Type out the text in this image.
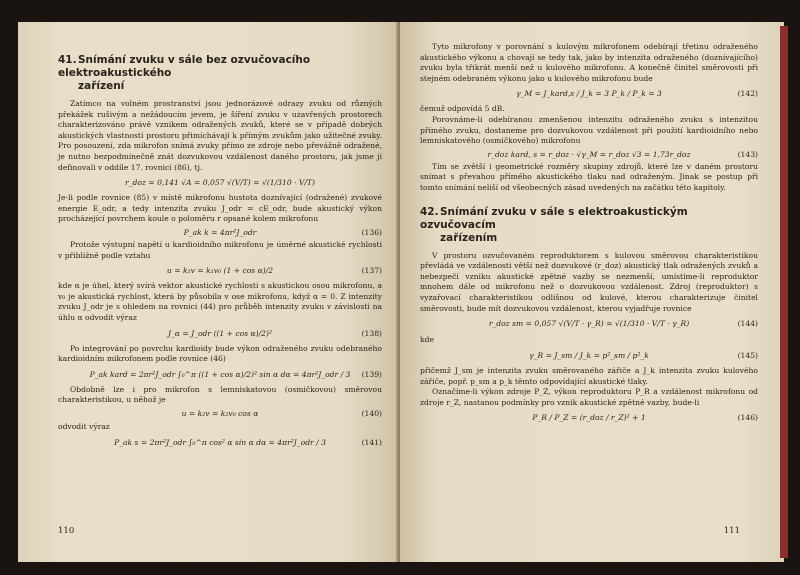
41.Snímání zvuku v sále bez ozvučovacího elektroakustického
zařízení

Zatímco na volném prostranství jsou jednorázové odrazy zvuku od různých překážek rušivým a nežádoucím jevem, je šíření zvuku v uzavřených prostorech charakterizováno právě vznikem odražených zvuků, které se v případě dobrých akustických vlastností prostoru přimíchávají k přímým zvukům jako užitečné zvuky. Pro posouzení, zda mikrofon snímá zvuky přímo ze zdroje nebo převážně odražené, je nutno bezpodmínečně znát dozvukovou vzdálenost daného prostoru, jak jsme ji definovali v oddíle 17. rovnicí (86), tj.

r_doz = 0,141 √A = 0,057 √(V/T) = √(1/310 · V/T)

Je-li podle rovnice (85) v místě mikrofonu hustota doznívající (odražené) zvukové energie E_odr, a tedy intenzita zvuku J_odr = cE_odr, bude akustický výkon procházející povrchem koule o poloměru r opsané kolem mikrofonu

P_ak k = 4πr²J_odr	(136)

Protože výstupní napětí u kardioidního mikrofonu je úměrné akustické rychlosti v přibližně podle vztahu

u = k₁v = k₁v₀ (1 + cos α)/2	(137)

kde α je úhel, který svírá vektor akustické rychlosti s akustickou osou mikrofonu, a v₀ je akustická rychlost, která by působila v ose mikrofonu, když α = 0. Z intenzity zvuku J_odr je s ohledem na rovnici (44) pro průběh intenzity zvuku v závislosti na úhlu α odvodit výraz

J_α = J_odr ((1 + cos α)/2)²	(138)

Po integrování po povrchu kardioidy bude výkon odraženého zvuku odebraného kardioidním mikrofonem podle rovnice (46)

P_ak kard = 2πr²J_odr ∫₀^π ((1 + cos α)/2)² sin α dα = 4πr²J_odr / 3 (139)

Obdobně lze i pro mikrofon s lemniskatovou (osmičkovou) směrovou charakteristikou, u něhož je

u = k₂v = k₂v₀ cos α	(140)
odvodit výraz
P_ak s = 2πr²J_odr ∫₀^π cos² α sin α dα = 4πr²J_odr / 3	(141)
110

Tyto mikrofony v porovnání s kulovým mikrofonem odebírají třetinu odraženého akustického výkonu a chovají se tedy tak, jako by intenzita odraženého (doznívajícího) zvuku byla třikrát menší než u kulového mikrofonu. A konečně činitel směrovosti při stejném odebraném výkonu jako u kulového mikrofonu bude

γ_M = J_kard,s / J_k = 3 P_k / P_k = 3	(142)

čemuž odpovídá 5 dB.

Porovnáme-li odebíranou zmenšenou intenzitu odraženého zvuku s intenzitou přímého zvuku, dostaneme pro dozvukovou vzdálenost při použití kardioidního nebo lemniskatového (osmičkového) mikrofonu

r_doz kard, s = r_doz · √γ_M = r_doz √3 = 1,73r_doz	(143)

Tím se zvětší i geometrické rozměry skupiny zdrojů, které lze v daném prostoru snímat s převahou přímého akustického tlaku nad odraženým. Jinak se postup při tomto snímání neliší od všeobecných zásad uvedených na začátku této kapitoly.

42.Snímání zvuku v sále s elektroakustickým ozvučovacím
zařízením

V prostoru ozvučovaném reproduktorem s kulovou směrovou charakteristikou převládá ve vzdálenosti větší než dozvukové (r_doz) akustický tlak odražených zvuků a nebezpečí vzniku akustické zpětné vazby se nezmenší, umístíme-li reproduktor mnohem dále od mikrofonu než o dozvukovou vzdálenost. Zdroj (reproduktor) s vyzařovací charakteristikou odlišnou od kulové, kterou charakterizuje činitel směrovosti, bude mít dozvukovou vzdálenost, kterou vyjadřuje rovnice

r_doz sm = 0,057 √(V/T · γ_R) = √(1/310 · V/T · γ_R)	(144)
kde
γ_R = J_sm / J_k = p²_sm / p²_k	(145)

přičemž J_sm je intenzita zvuku směrovaného zářiče a J_k intenzita zvuku kulového zářiče, popř. p_sm a p_k těmto odpovídající akustické tlaky.

Označíme-li výkon zdroje P_Z, výkon reproduktoru P_R a vzdálenost mikrofonu od zdroje r_Z, nastanou podmínky pro vznik akustické zpětné vazby, bude-li

P_R / P_Z = (r_doz / r_Z)² + 1	(146)
111
